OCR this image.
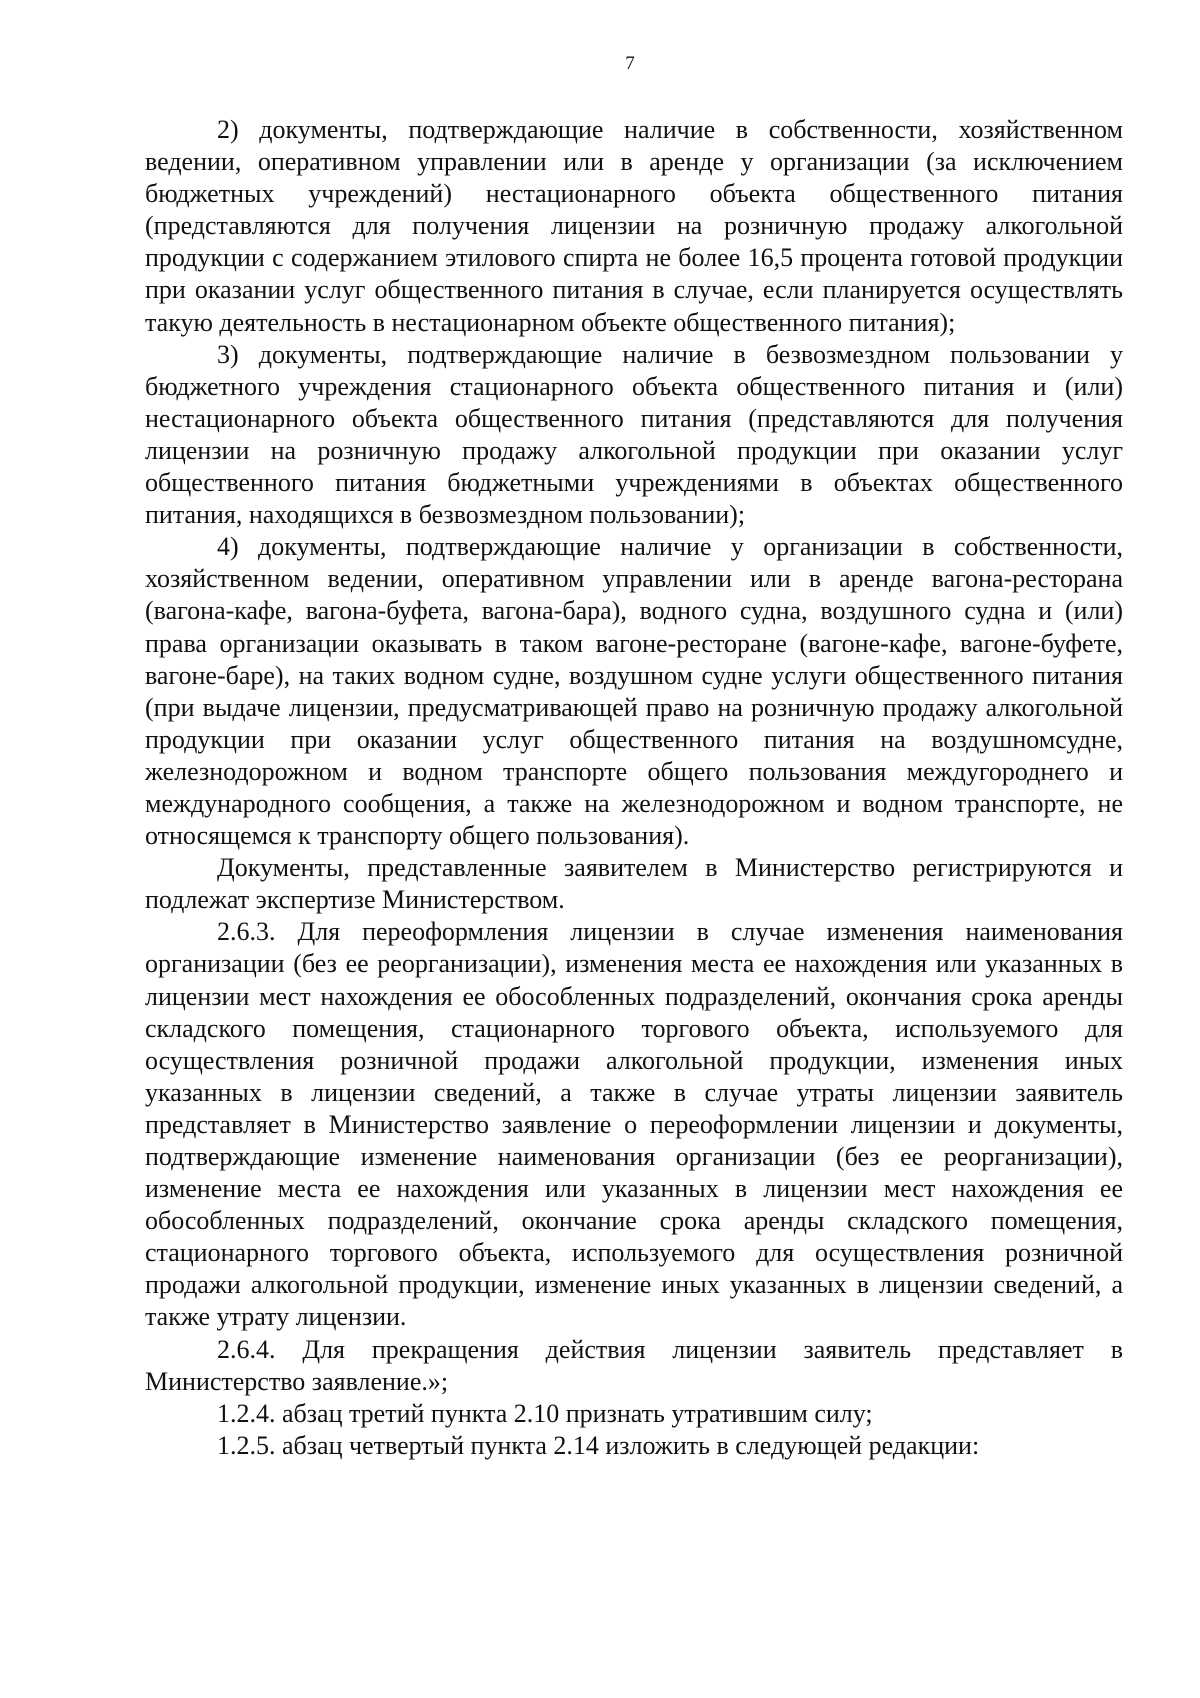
7

2) документы, подтверждающие наличие в собственности, хозяйственном ведении, оперативном управлении или в аренде у организации (за исключением бюджетных учреждений) нестационарного объекта общественного питания (представляются для получения лицензии на розничную продажу алкогольной продукции с содержанием этилового спирта не более 16,5 процента готовой продукции при оказании услуг общественного питания в случае, если планируется осуществлять такую деятельность в нестационарном объекте общественного питания);

3) документы, подтверждающие наличие в безвозмездном пользовании у бюджетного учреждения стационарного объекта общественного питания и (или) нестационарного объекта общественного питания (представляются для получения лицензии на розничную продажу алкогольной продукции при оказании услуг общественного питания бюджетными учреждениями в объектах общественного питания, находящихся в безвозмездном пользовании);

4) документы, подтверждающие наличие у организации в собственности, хозяйственном ведении, оперативном управлении или в аренде вагона-ресторана (вагона-кафе, вагона-буфета, вагона-бара), водного судна, воздушного судна и (или) права организации оказывать в таком вагоне-ресторане (вагоне-кафе, вагоне-буфете, вагоне-баре), на таких водном судне, воздушном судне услуги общественного питания (при выдаче лицензии, предусматривающей право на розничную продажу алкогольной продукции при оказании услуг общественного питания на воздушномсудне, железнодорожном и водном транспорте общего пользования междугороднего и международного сообщения, а также на железнодорожном и водном транспорте, не относящемся к транспорту общего пользования).

Документы, представленные заявителем в Министерство регистрируются и подлежат экспертизе Министерством.

2.6.3. Для переоформления лицензии в случае изменения наименования организации (без ее реорганизации), изменения места ее нахождения или указанных в лицензии мест нахождения ее обособленных подразделений, окончания срока аренды складского помещения, стационарного торгового объекта, используемого для осуществления розничной продажи алкогольной продукции, изменения иных указанных в лицензии сведений, а также в случае утраты лицензии заявитель представляет в Министерство заявление о переоформлении лицензии и документы, подтверждающие изменение наименования организации (без ее реорганизации), изменение места ее нахождения или указанных в лицензии мест нахождения ее обособленных подразделений, окончание срока аренды складского помещения, стационарного торгового объекта, используемого для осуществления розничной продажи алкогольной продукции, изменение иных указанных в лицензии сведений, а также утрату лицензии.

2.6.4. Для прекращения действия лицензии заявитель представляет в Министерство заявление.»;

1.2.4. абзац третий пункта 2.10 признать утратившим силу;

1.2.5. абзац четвертый пункта 2.14 изложить в следующей редакции:
